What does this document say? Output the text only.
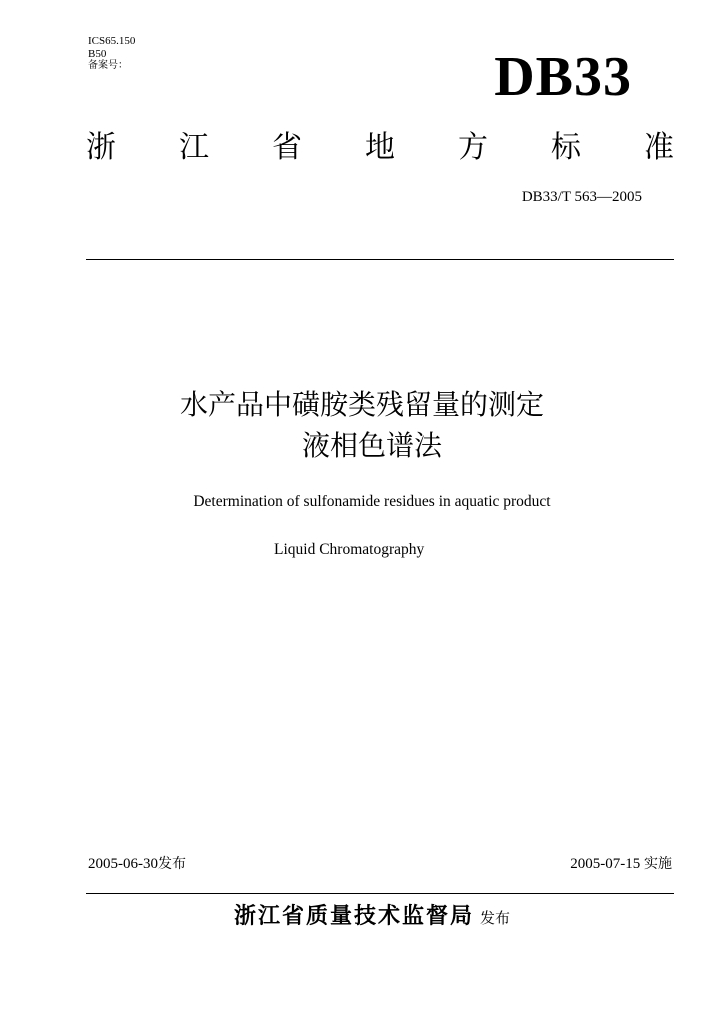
ICS65.150
B50
备案号：	DB33
浙 江 省 地 方 标 准
DB33/T 563—2005
水产品中磺胺类残留量的测定
液相色谱法
Determination of sulfonamide residues in aquatic product
Liquid Chromatography
2005-06-30发布	2005-07-15 实施
浙江省质量技术监督局 发布
